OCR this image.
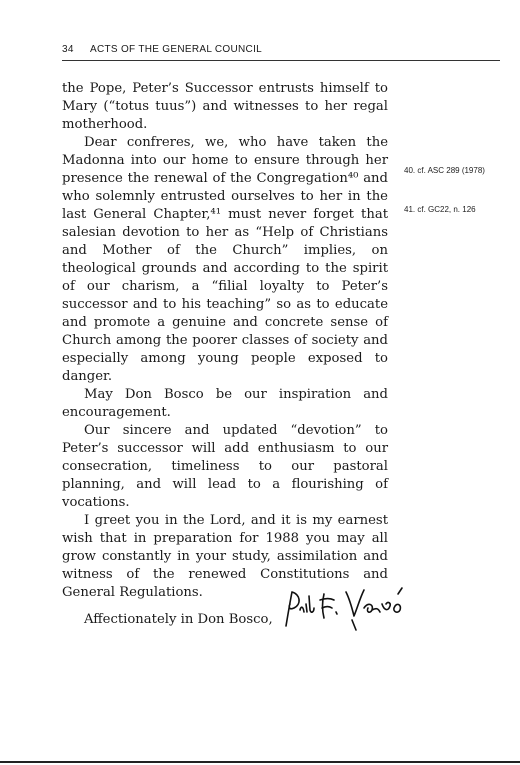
34 ACTS OF THE GENERAL COUNCIL

the Pope, Peter’s Successor entrusts himself to Mary (“totus tuus”) and witnesses to her regal motherhood.

Dear confreres, we, who have taken the Madonna into our home to ensure through her presence the renewal of the Congregation⁴⁰ and who solemnly entrusted ourselves to her in the last General Chapter,⁴¹ must never forget that salesian devotion to her as “Help of Christians and Mother of the Church” implies, on theological grounds and according to the spirit of our charism, a “filial loyalty to Peter’s successor and to his teaching” so as to educate and promote a genuine and concrete sense of Church among the poorer classes of society and especially among young people exposed to danger.

May Don Bosco be our inspiration and encouragement.

Our sincere and updated “devotion” to Peter’s successor will add enthusiasm to our consecration, timeliness to our pastoral planning, and will lead to a flourishing of vocations.

I greet you in the Lord, and it is my earnest wish that in preparation for 1988 you may all grow constantly in your study, assimilation and witness of the renewed Constitutions and General Regulations.

Affectionately in Don Bosco,

40. cf. ASC 289 (1978)
41. cf. GC22, n. 126
